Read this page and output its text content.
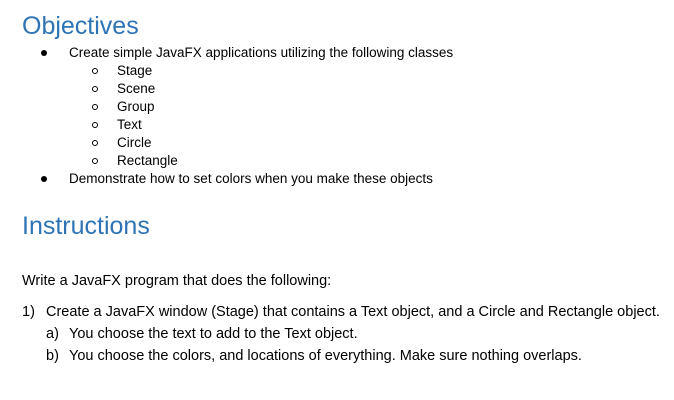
Objectives
Create simple JavaFX applications utilizing the following classes
Stage
Scene
Group
Text
Circle
Rectangle
Demonstrate how to set colors when you make these objects
Instructions
Write a JavaFX program that does the following:
1) Create a JavaFX window (Stage) that contains a Text object, and a Circle and Rectangle object.
a) You choose the text to add to the Text object.
b) You choose the colors, and locations of everything. Make sure nothing overlaps.
